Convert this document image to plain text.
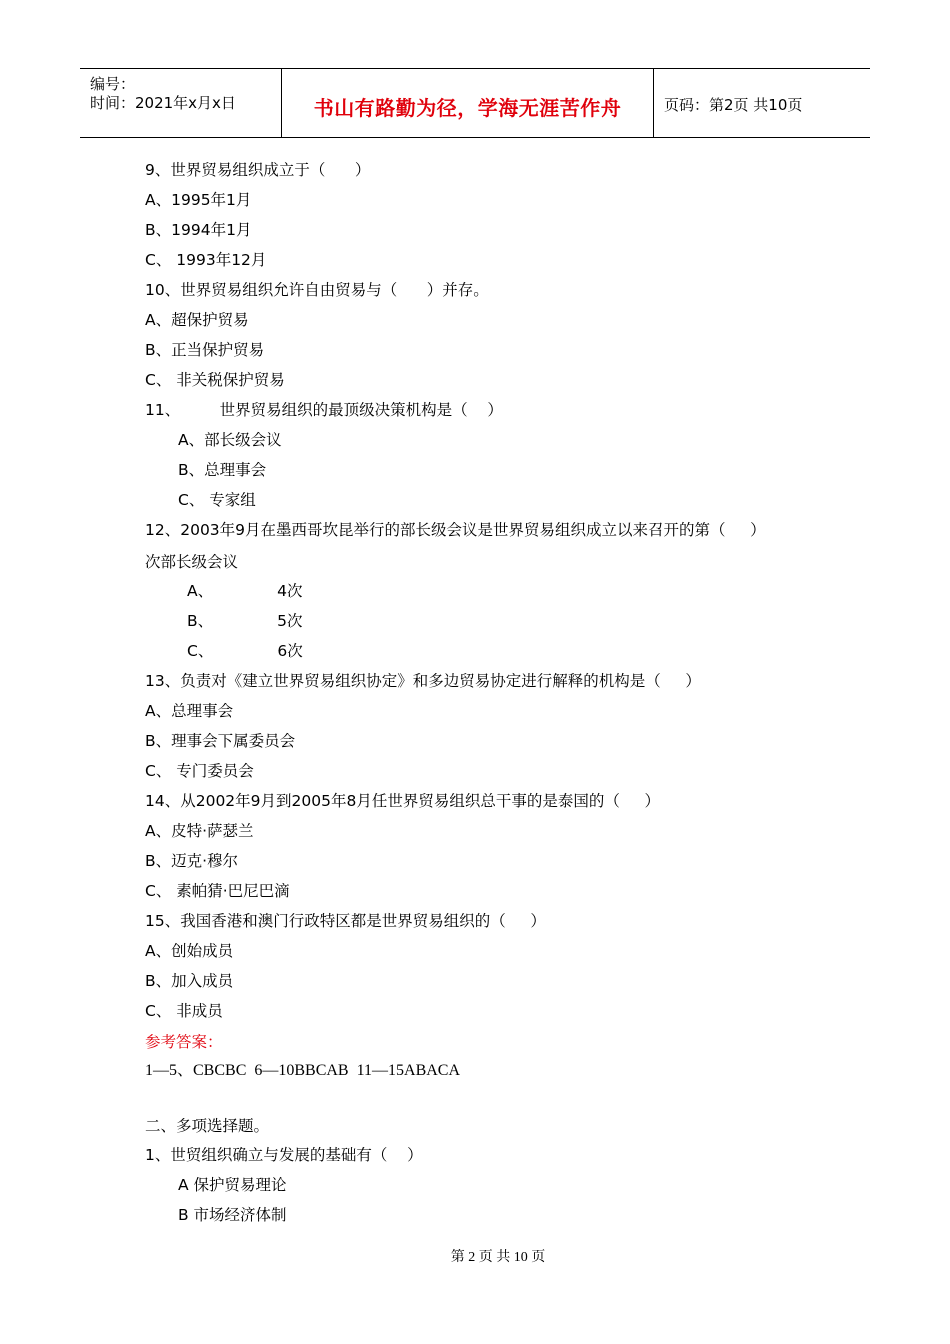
编号：
时间：2021年x月x日	书山有路勤为径，学海无涯苦作舟	页码：第2页 共10页
9、世界贸易组织成立于（      ）
A、1995年1月
B、1994年1月
C、 1993年12月
10、世界贸易组织允许自由贸易与（      ）并存。
A、超保护贸易
B、正当保护贸易
C、 非关税保护贸易
11、        世界贸易组织的最顶级决策机构是（    ）
A、部长级会议
B、总理事会
C、 专家组
12、2003年9月在墨西哥坎昆举行的部长级会议是世界贸易组织成立以来召开的第（     ）
次部长级会议
A、             4次
B、             5次
C、             6次
13、负责对《建立世界贸易组织协定》和多边贸易协定进行解释的机构是（     ）
A、总理事会
B、理事会下属委员会
C、 专门委员会
14、从2002年9月到2005年8月任世界贸易组织总干事的是泰国的（     ）
A、皮特·萨瑟兰
B、迈克·穆尔
C、 素帕猜·巴尼巴滴
15、我国香港和澳门行政特区都是世界贸易组织的（     ）
A、创始成员
B、加入成员
C、 非成员
参考答案：
1—5、CBCBC  6—10BBCAB  11—15ABACA
二、多项选择题。
1、世贸组织确立与发展的基础有（    ）
A 保护贸易理论
B 市场经济体制
第 2 页 共 10 页
